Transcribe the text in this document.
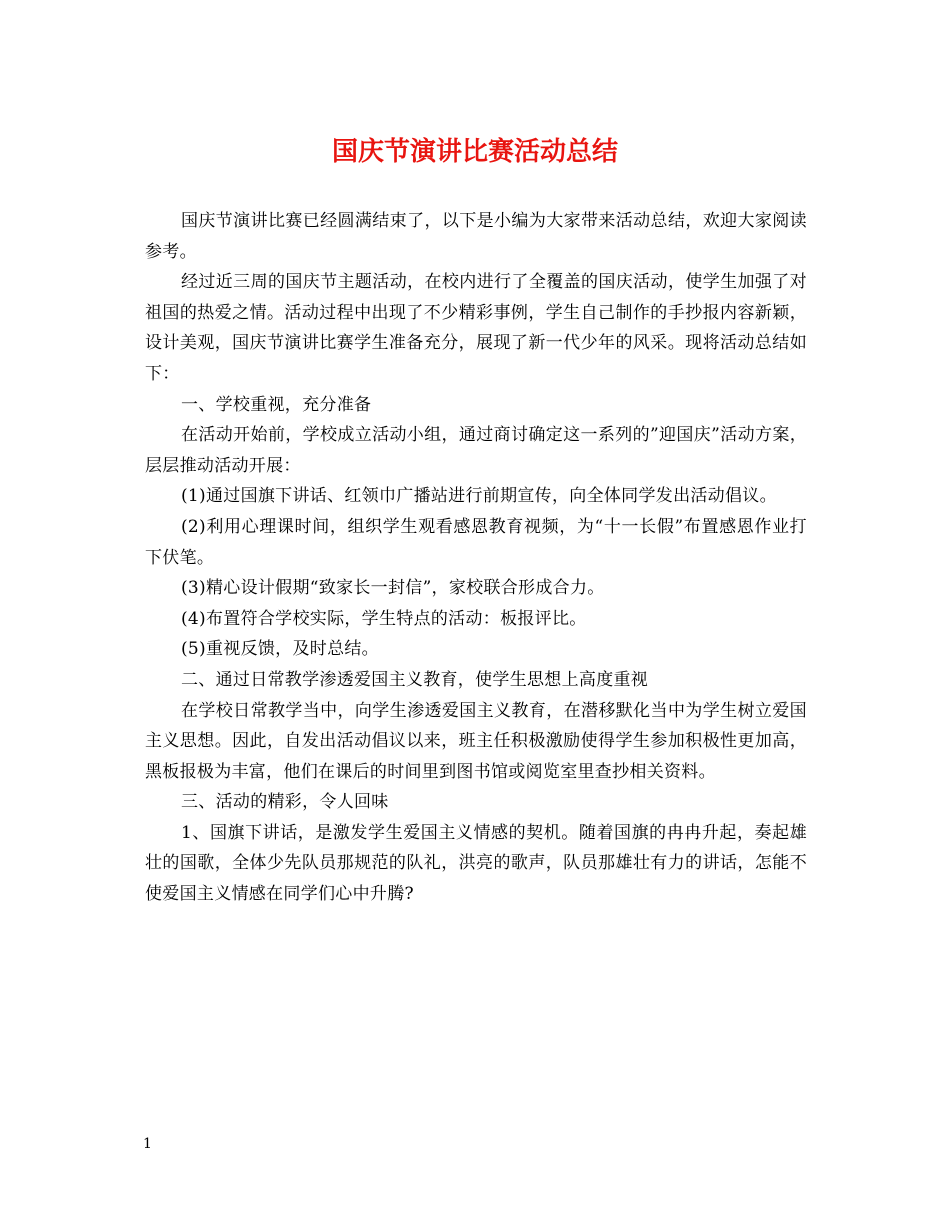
国庆节演讲比赛活动总结

国庆节演讲比赛已经圆满结束了，以下是小编为大家带来活动总结，欢迎大家阅读参考。

经过近三周的国庆节主题活动，在校内进行了全覆盖的国庆活动，使学生加强了对祖国的热爱之情。活动过程中出现了不少精彩事例，学生自己制作的手抄报内容新颖，设计美观，国庆节演讲比赛学生准备充分，展现了新一代少年的风采。现将活动总结如下：

一、学校重视，充分准备

在活动开始前，学校成立活动小组，通过商讨确定这一系列的”迎国庆”活动方案，层层推动活动开展：

(1)通过国旗下讲话、红领巾广播站进行前期宣传，向全体同学发出活动倡议。

(2)利用心理课时间，组织学生观看感恩教育视频，为“十一长假”布置感恩作业打下伏笔。

(3)精心设计假期“致家长一封信”，家校联合形成合力。

(4)布置符合学校实际，学生特点的活动：板报评比。

(5)重视反馈，及时总结。

二、通过日常教学渗透爱国主义教育，使学生思想上高度重视

在学校日常教学当中，向学生渗透爱国主义教育，在潜移默化当中为学生树立爱国主义思想。因此，自发出活动倡议以来，班主任积极激励使得学生参加积极性更加高，黑板报极为丰富，他们在课后的时间里到图书馆或阅览室里查抄相关资料。

三、活动的精彩，令人回味

1、国旗下讲话，是激发学生爱国主义情感的契机。随着国旗的冉冉升起，奏起雄壮的国歌，全体少先队员那规范的队礼，洪亮的歌声，队员那雄壮有力的讲话，怎能不使爱国主义情感在同学们心中升腾?

1
